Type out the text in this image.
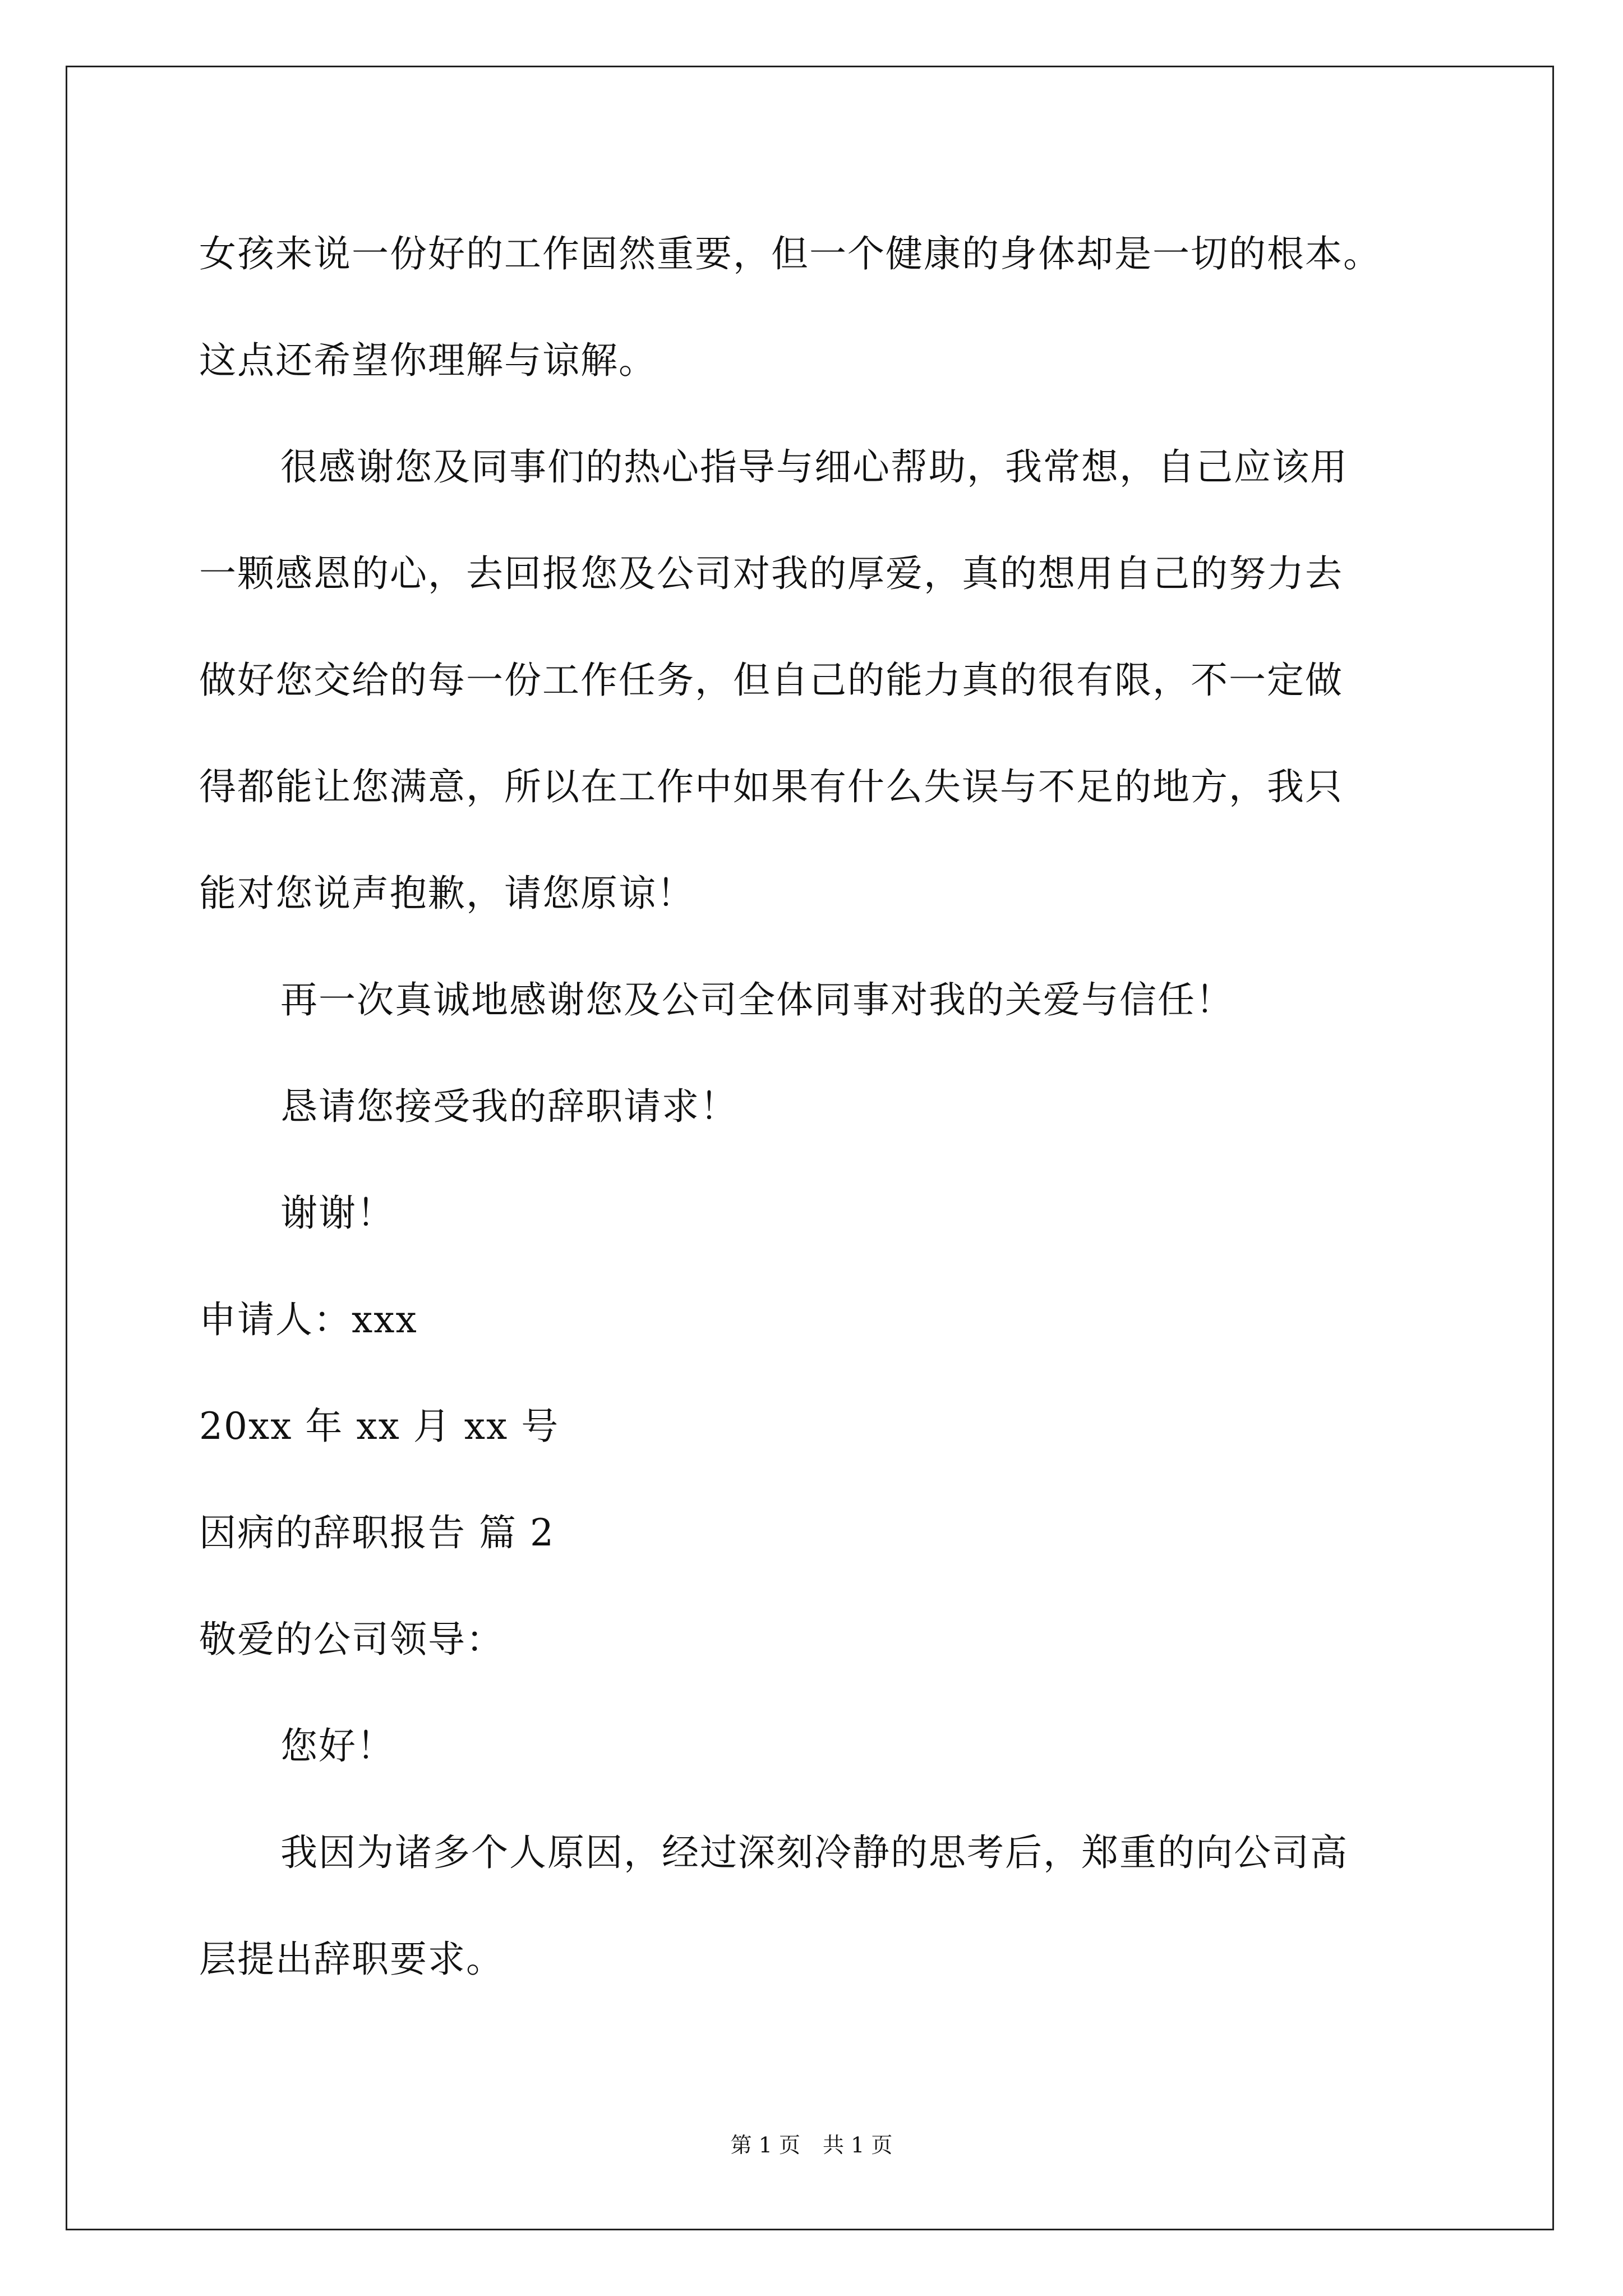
女孩来说一份好的工作固然重要，但一个健康的身体却是一切的根本。
这点还希望你理解与谅解。
很感谢您及同事们的热心指导与细心帮助，我常想，自己应该用
一颗感恩的心，去回报您及公司对我的厚爱，真的想用自己的努力去
做好您交给的每一份工作任务，但自己的能力真的很有限，不一定做
得都能让您满意，所以在工作中如果有什么失误与不足的地方，我只
能对您说声抱歉，请您原谅！
再一次真诚地感谢您及公司全体同事对我的关爱与信任！
恳请您接受我的辞职请求！
谢谢！
申请人：xxx
20xx 年 xx 月 xx 号
因病的辞职报告 篇 2
敬爱的公司领导：
您好！
我因为诸多个人原因，经过深刻冷静的思考后，郑重的向公司高
层提出辞职要求。
第 1 页 共 1 页
